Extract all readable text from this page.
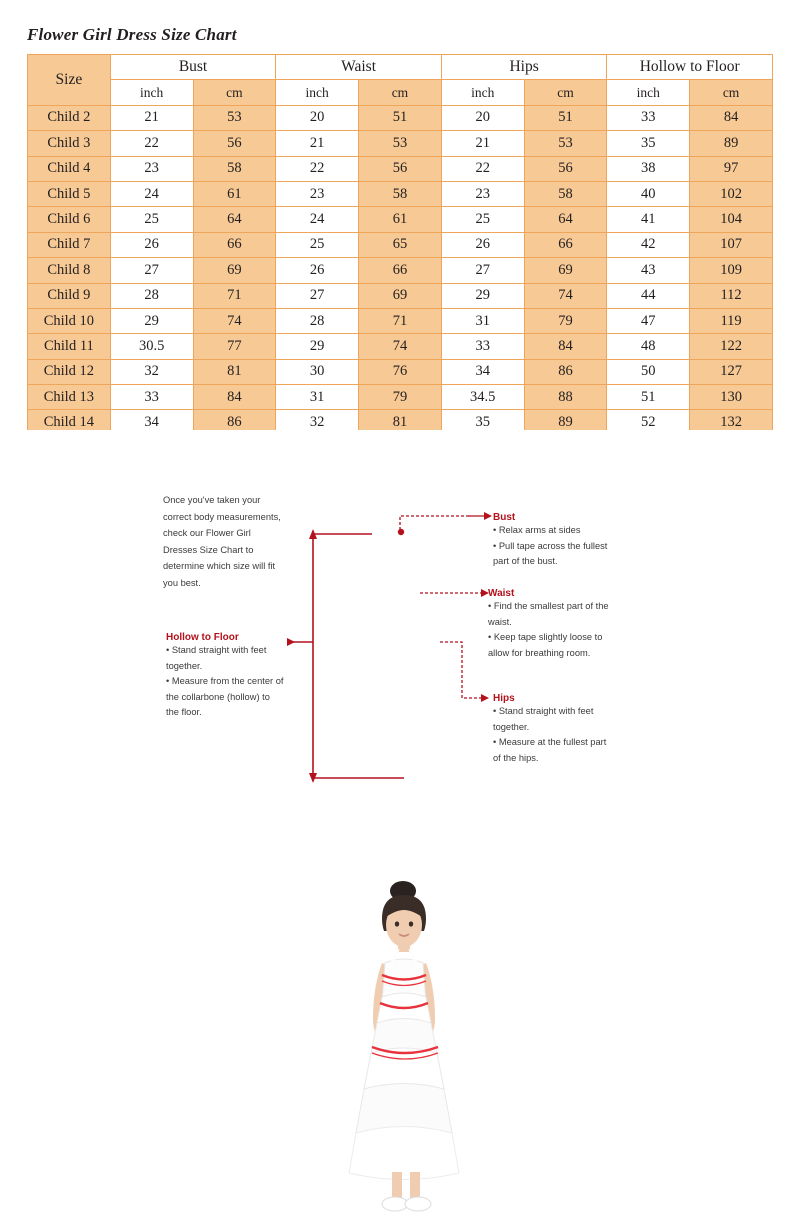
Flower Girl Dress Size Chart
Size	Bust		Waist		Hips		Hollow to Floor	
	inch	cm	inch	cm	inch	cm	inch	cm
Child 2	21	53	20	51	20	51	33	84
Child 3	22	56	21	53	21	53	35	89
Child 4	23	58	22	56	22	56	38	97
Child 5	24	61	23	58	23	58	40	102
Child 6	25	64	24	61	25	64	41	104
Child 7	26	66	25	65	26	66	42	107
Child 8	27	69	26	66	27	69	43	109
Child 9	28	71	27	69	29	74	44	112
Child 10	29	74	28	71	31	79	47	119
Child 11	30.5	77	29	74	33	84	48	122
Child 12	32	81	30	76	34	86	50	127
Child 13	33	84	31	79	34.5	88	51	130
Child 14	34	86	32	81	35	89	52	132
Once you've taken your correct body measurements, check our Flower Girl Dresses Size Chart to determine which size will fit you best.
Bust
• Relax arms at sides
• Pull tape across the fullest
part of the bust.
Waist
• Find the smallest part of the
waist.
• Keep tape slightly loose to
allow for breathing room.
Hips
• Stand straight with feet
together.
• Measure at the fullest part
of the hips.
Hollow to Floor
• Stand straight with feet
together.
• Measure from the center of
the collarbone (hollow) to
the floor.
